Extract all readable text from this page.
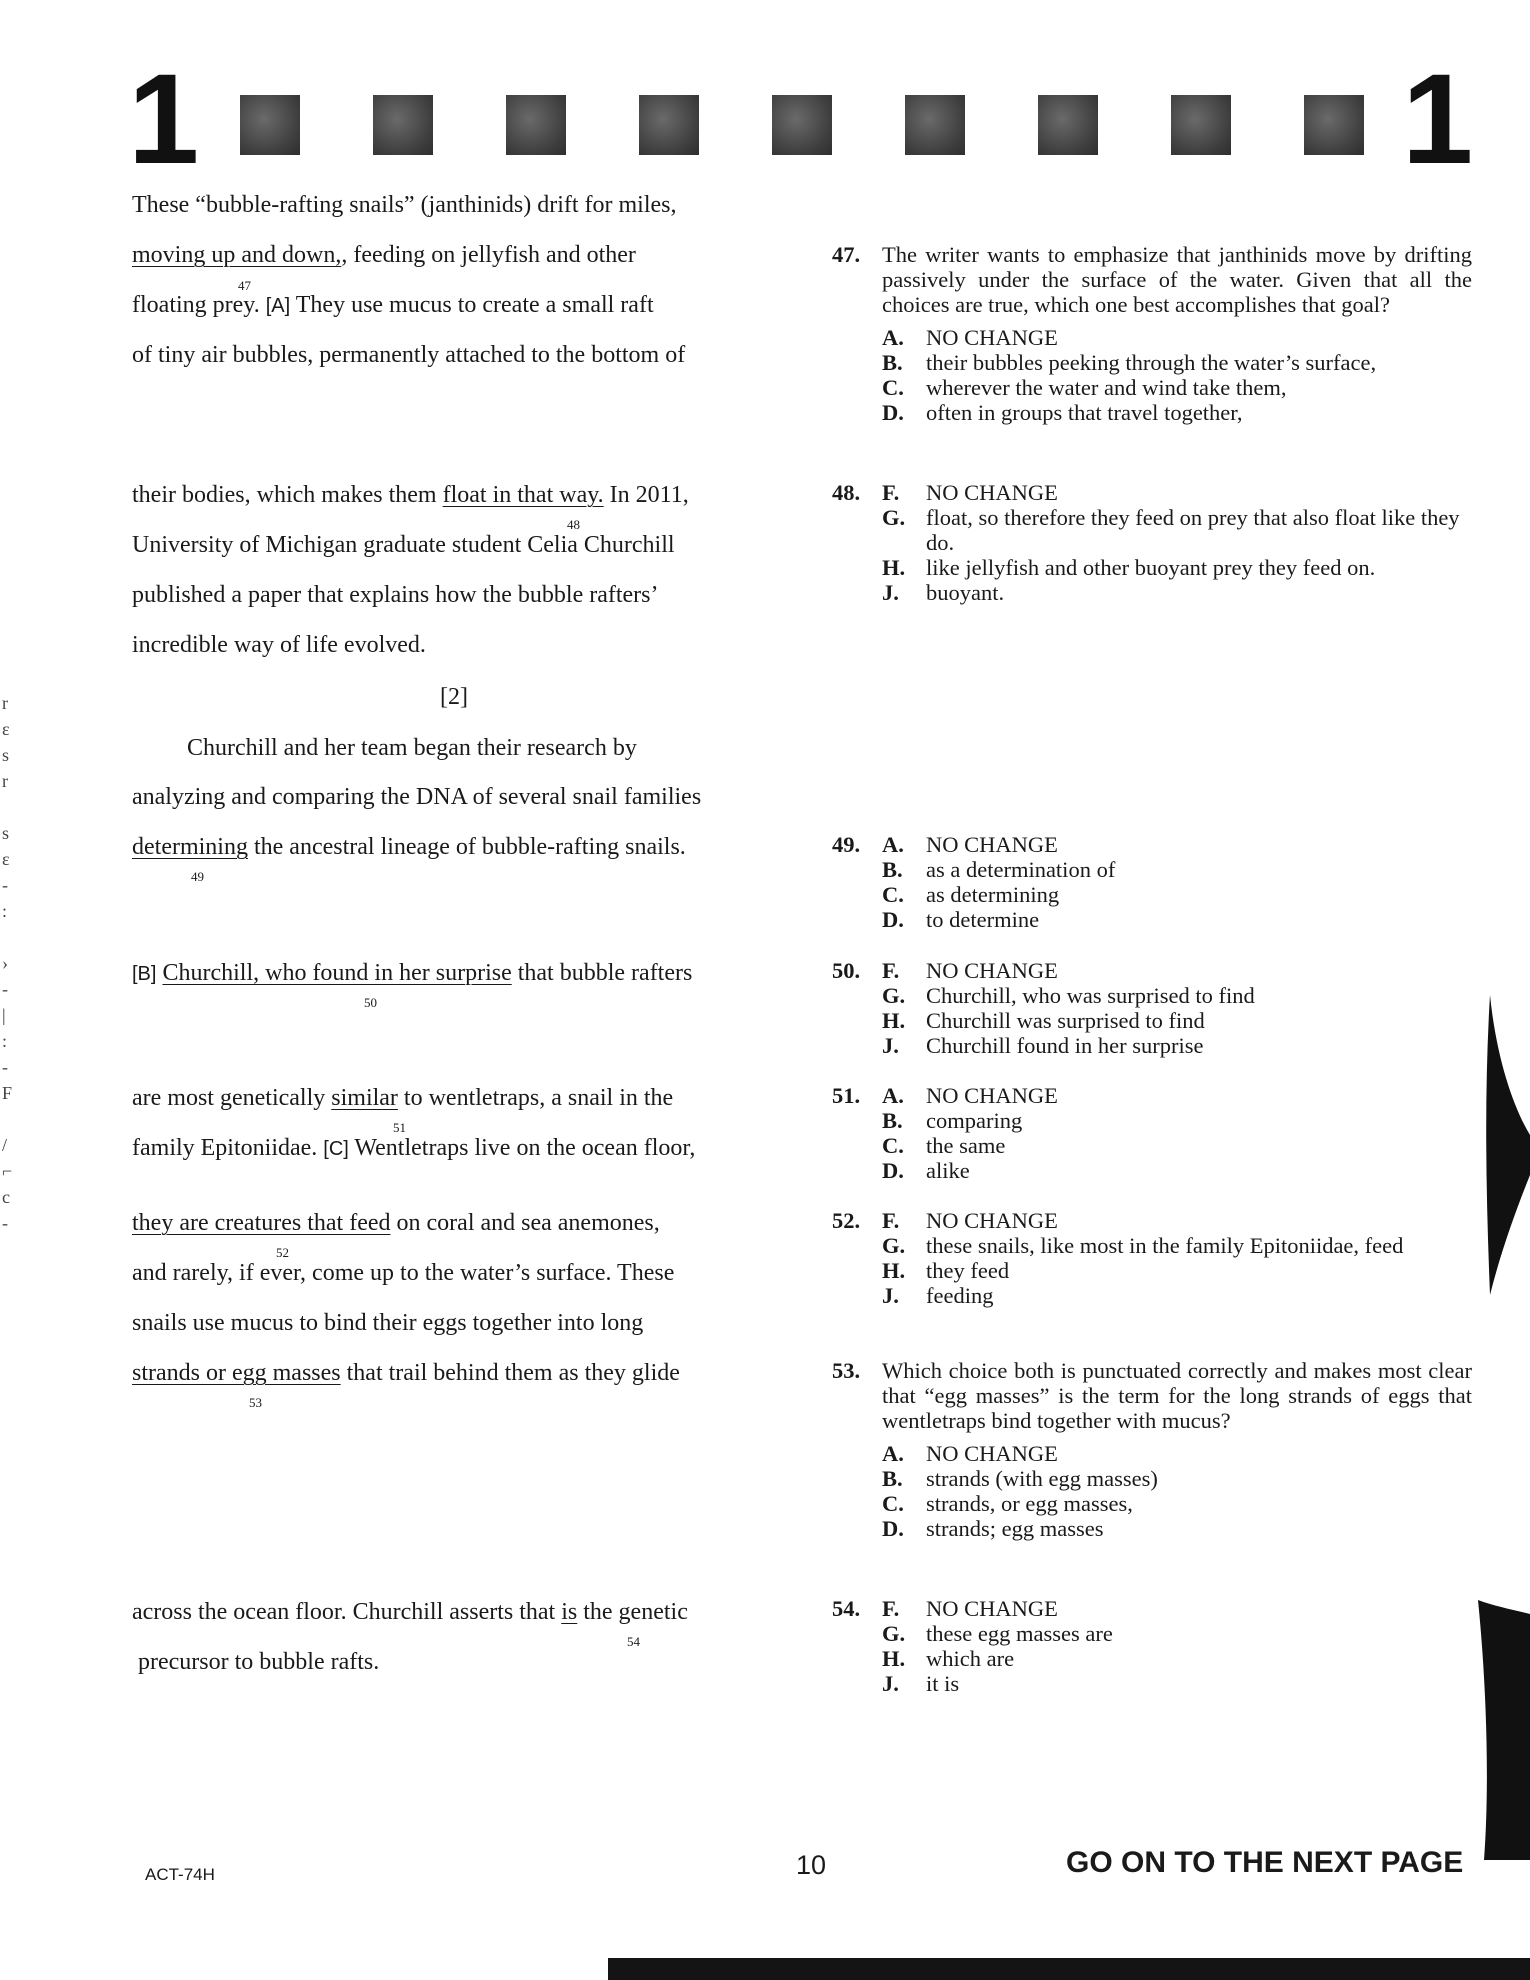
1	1
r
ε
s
r

s
ε
-
:

›
-
|
:
-
F

/
⌐
c
-
These “bubble-rafting snails” (janthinids) drift for miles,
moving up and down,, feeding on jellyfish and other
47
floating prey. [A] They use mucus to create a small raft
of tiny air bubbles, permanently attached to the bottom of
their bodies, which makes them float in that way. In 2011,
48
University of Michigan graduate student Celia Churchill
published a paper that explains how the bubble rafters’
incredible way of life evolved.
[2]
Churchill and her team began their research by
analyzing and comparing the DNA of several snail families
determining the ancestral lineage of bubble-rafting snails.
49
[B] Churchill, who found in her surprise that bubble rafters
50
are most genetically similar to wentletraps, a snail in the
51
family Epitoniidae. [C] Wentletraps live on the ocean floor,
they are creatures that feed on coral and sea anemones,
52
and rarely, if ever, come up to the water’s surface. These
snails use mucus to bind their eggs together into long
strands or egg masses that trail behind them as they glide
53
across the ocean floor. Churchill asserts that is the genetic
54
precursor to bubble rafts.
47. The writer wants to emphasize that janthinids move by drifting passively under the surface of the water. Given that all the choices are true, which one best accomplishes that goal?
A. NO CHANGE
B.	their bubbles peeking through the water’s surface,
C. wherever the water and wind take them,
D. often in groups that travel together,
48. F.	NO CHANGE
G. float, so therefore they feed on prey that also float like they do.
H. like jellyfish and other buoyant prey they feed on.
J.	buoyant.
49. A. NO CHANGE
B.	as a determination of
C. as determining
D. to determine
50. F.	NO CHANGE
G. Churchill, who was surprised to find
H. Churchill was surprised to find
J.	Churchill found in her surprise
51. A. NO CHANGE
B.	comparing
C. the same
D. alike
52. F.	NO CHANGE
G. these snails, like most in the family Epitoniidae, feed
H. they feed
J.	feeding
53. Which choice both is punctuated correctly and makes most clear that “egg masses” is the term for the long strands of eggs that wentletraps bind together with mucus?
A. NO CHANGE
B.	strands (with egg masses)
C. strands, or egg masses,
D. strands; egg masses
54. F.	NO CHANGE
G. these egg masses are
H. which are
J.	it is
ACT-74H	10	GO ON TO THE NEXT PAGE
